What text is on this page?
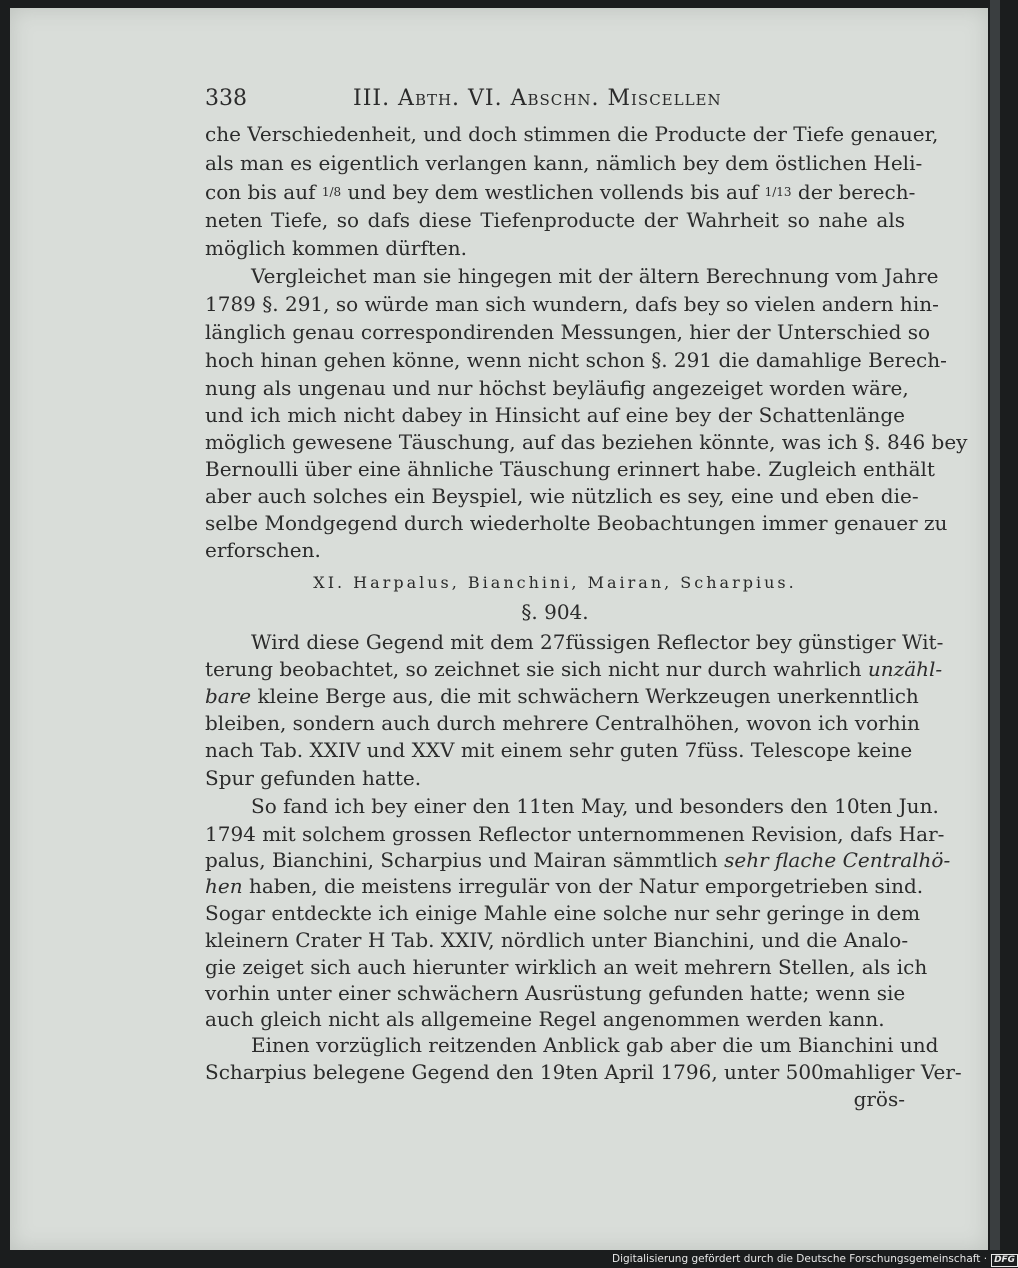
338	III. Abth. VI. Abschn. Miscellen
che Verschiedenheit, und doch stimmen die Producte der Tiefe genauer,
als man es eigentlich verlangen kann, nämlich bey dem östlichen Heli-
con bis auf 1/8 und bey dem westlichen vollends bis auf 1/13 der berech-
neten Tiefe, so dafs diese Tiefenproducte der Wahrheit so nahe als
möglich kommen dürften.
Vergleichet man sie hingegen mit der ältern Berechnung vom Jahre
1789 §. 291, so würde man sich wundern, dafs bey so vielen andern hin-
länglich genau correspondirenden Messungen, hier der Unterschied so
hoch hinan gehen könne, wenn nicht schon §. 291 die damahlige Berech-
nung als ungenau und nur höchst beyläufig angezeiget worden wäre,
und ich mich nicht dabey in Hinsicht auf eine bey der Schattenlänge
möglich gewesene Täuschung, auf das beziehen könnte, was ich §. 846 bey
Bernoulli über eine ähnliche Täuschung erinnert habe. Zugleich enthält
aber auch solches ein Beyspiel, wie nützlich es sey, eine und eben die-
selbe Mondgegend durch wiederholte Beobachtungen immer genauer zu
erforschen.
XI. Harpalus, Bianchini, Mairan, Scharpius.
§. 904.
Wird diese Gegend mit dem 27füssigen Reflector bey günstiger Wit-
terung beobachtet, so zeichnet sie sich nicht nur durch wahrlich unzähl-
bare kleine Berge aus, die mit schwächern Werkzeugen unerkenntlich
bleiben, sondern auch durch mehrere Centralhöhen, wovon ich vorhin
nach Tab. XXIV und XXV mit einem sehr guten 7füss. Telescope keine
Spur gefunden hatte.
So fand ich bey einer den 11ten May, und besonders den 10ten Jun.
1794 mit solchem grossen Reflector unternommenen Revision, dafs Har-
palus, Bianchini, Scharpius und Mairan sämmtlich sehr flache Centralhö-
hen haben, die meistens irregulär von der Natur emporgetrieben sind.
Sogar entdeckte ich einige Mahle eine solche nur sehr geringe in dem
kleinern Crater H Tab. XXIV, nördlich unter Bianchini, und die Analo-
gie zeiget sich auch hierunter wirklich an weit mehrern Stellen, als ich
vorhin unter einer schwächern Ausrüstung gefunden hatte; wenn sie
auch gleich nicht als allgemeine Regel angenommen werden kann.
Einen vorzüglich reitzenden Anblick gab aber die um Bianchini und
Scharpius belegene Gegend den 19ten April 1796, unter 500mahliger Ver-
grös-
Digitalisierung gefördert durch die Deutsche Forschungsgemeinschaft · DFG
